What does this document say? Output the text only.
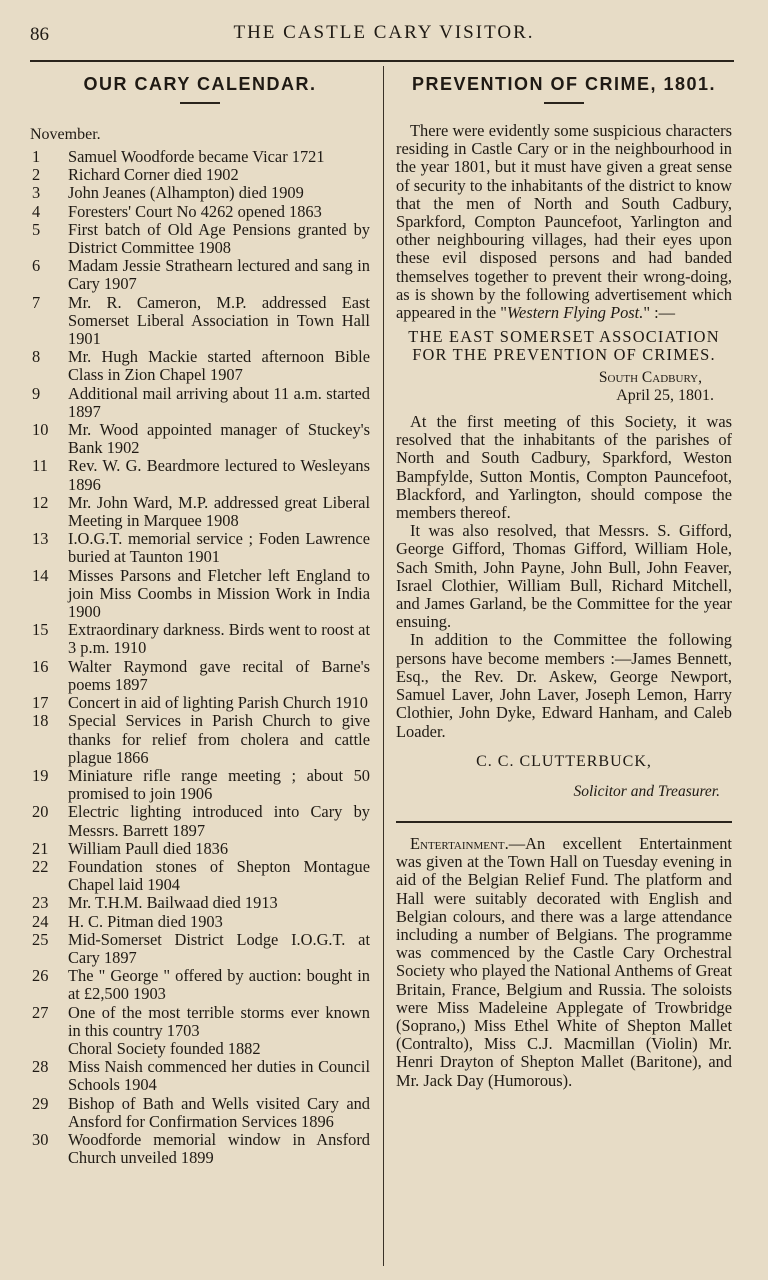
86	THE CASTLE CARY VISITOR.
OUR CARY CALENDAR.
November.
1	Samuel Woodforde became Vicar 1721
2	Richard Corner died 1902
3	John Jeanes (Alhampton) died 1909
4	Foresters' Court No 4262 opened 1863
5	First batch of Old Age Pensions granted by District Committee 1908
6	Madam Jessie Strathearn lectured and sang in Cary 1907
7	Mr. R. Cameron, M.P. addressed East Somerset Liberal Association in Town Hall 1901
8	Mr. Hugh Mackie started afternoon Bible Class in Zion Chapel 1907
9	Additional mail arriving about 11 a.m. started 1897
10	Mr. Wood appointed manager of Stuckey's Bank 1902
11	Rev. W. G. Beardmore lectured to Wesleyans 1896
12	Mr. John Ward, M.P. addressed great Liberal Meeting in Marquee 1908
13	I.O.G.T. memorial service ; Foden Lawrence buried at Taunton 1901
14	Misses Parsons and Fletcher left England to join Miss Coombs in Mission Work in India 1900
15	Extraordinary darkness. Birds went to roost at 3 p.m. 1910
16	Walter Raymond gave recital of Barne's poems 1897
17	Concert in aid of lighting Parish Church 1910
18	Special Services in Parish Church to give thanks for relief from cholera and cattle plague 1866
19	Miniature rifle range meeting ; about 50 promised to join 1906
20	Electric lighting introduced into Cary by Messrs. Barrett 1897
21	William Paull died 1836
22	Foundation stones of Shepton Montague Chapel laid 1904
23	Mr. T.H.M. Bailwaad died 1913
24	H. C. Pitman died 1903
25	Mid-Somerset District Lodge I.O.G.T. at Cary 1897
26	The " George " offered by auction: bought in at £2,500 1903
27	One of the most terrible storms ever known in this country 1703
Choral Society founded 1882
28	Miss Naish commenced her duties in Council Schools 1904
29	Bishop of Bath and Wells visited Cary and Ansford for Confirmation Services 1896
30	Woodforde memorial window in Ansford Church unveiled 1899
PREVENTION OF CRIME, 1801.

There were evidently some suspicious characters residing in Castle Cary or in the neighbourhood in the year 1801, but it must have given a great sense of security to the inhabitants of the district to know that the men of North and South Cadbury, Sparkford, Compton Pauncefoot, Yarlington and other neighbouring villages, had their eyes upon these evil disposed persons and had banded themselves together to prevent their wrong-doing, as is shown by the following advertisement which appeared in the "Western Flying Post." :—

THE EAST SOMERSET ASSOCIATION FOR THE PREVENTION OF CRIMES.
South Cadbury,
April 25, 1801.

At the first meeting of this Society, it was resolved that the inhabitants of the parishes of North and South Cadbury, Sparkford, Weston Bampfylde, Sutton Montis, Compton Pauncefoot, Blackford, and Yarlington, should compose the members thereof.

It was also resolved, that Messrs. S. Gifford, George Gifford, Thomas Gifford, William Hole, Sach Smith, John Payne, John Bull, John Feaver, Israel Clothier, William Bull, Richard Mitchell, and James Garland, be the Committee for the year ensuing.

In addition to the Committee the following persons have become members :—James Bennett, Esq., the Rev. Dr. Askew, George Newport, Samuel Laver, John Laver, Joseph Lemon, Harry Clothier, John Dyke, Edward Hanham, and Caleb Loader.

C. C. CLUTTERBUCK,
Solicitor and Treasurer.

Entertainment.—An excellent Entertainment was given at the Town Hall on Tuesday evening in aid of the Belgian Relief Fund. The platform and Hall were suitably decorated with English and Belgian colours, and there was a large attendance including a number of Belgians. The programme was commenced by the Castle Cary Orchestral Society who played the National Anthems of Great Britain, France, Belgium and Russia. The soloists were Miss Madeleine Applegate of Trowbridge (Soprano,) Miss Ethel White of Shepton Mallet (Contralto), Miss C.J. Macmillan (Violin) Mr. Henri Drayton of Shepton Mallet (Baritone), and Mr. Jack Day (Humorous).
